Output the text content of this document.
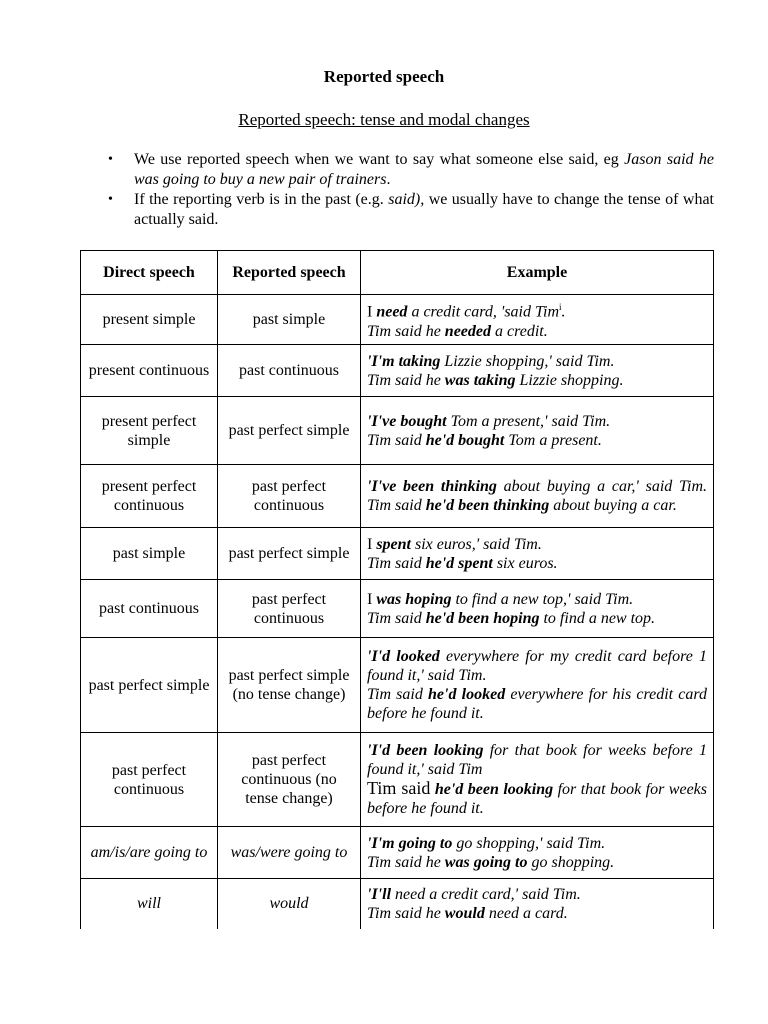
Reported speech
Reported speech: tense and modal changes
• We use reported speech when we want to say what someone else said, eg Jason said he was going to buy a new pair of trainers.
• If the reporting verb is in the past (e.g. said), we usually have to change the tense of what actually said.
Direct speech	Reported speech	Example
present simple	past simple	I need a credit card, 'said Tim$^i$.
Tim said he needed a credit.

present continuous	past continuous	'I'm taking Lizzie shopping,' said Tim.
Tim said he was taking Lizzie shopping.

present perfect simple	past perfect simple	'I've bought Tom a present,' said Tim.
Tim said he'd bought Tom a present.

present perfect continuous	past perfect continuous	'I've been thinking about buying a car,' said Tim. Tim said he'd been thinking about buying a car.

past simple	past perfect simple	I spent six euros,' said Tim.
Tim said he'd spent six euros.

past continuous	past perfect continuous	I was hoping to find a new top,' said Tim.
Tim said he'd been hoping to find a new top.

past perfect simple	past perfect simple (no tense change)	'I'd looked everywhere for my credit card before 1 found it,' said Tim.
Tim said he'd looked everywhere for his credit card before he found it.

past perfect continuous	past perfect continuous (no tense change)	'I'd been looking for that book for weeks before 1 found it,' said Tim
Tim said he'd been looking for that book for weeks before he found it.

am/is/are going to	was/were going to	'I'm going to go shopping,' said Tim.
Tim said he was going to go shopping.

will	would	'I'll need a credit card,' said Tim.
Tim said he would need a card.
